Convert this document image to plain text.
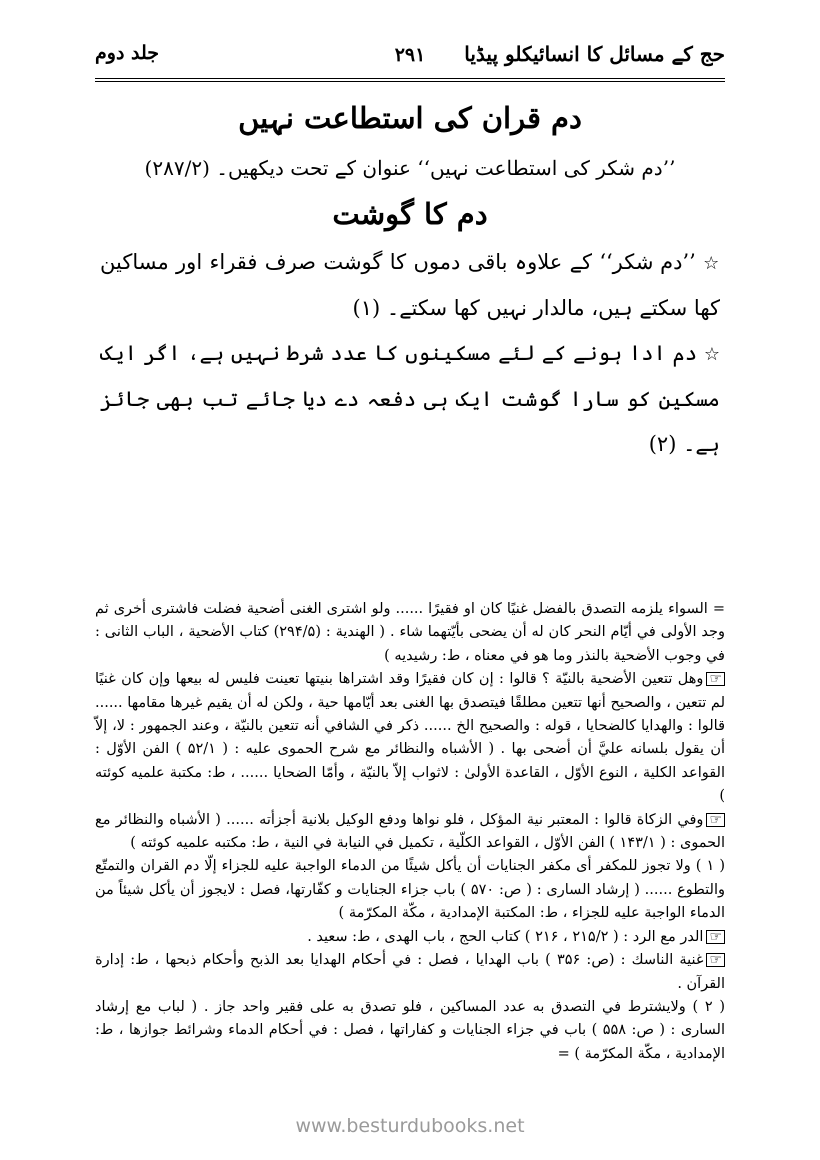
حج کے مسائل کا انسائیکلو پیڈیا
۲۹۱
جلد دوم
دم قران کی استطاعت نہیں
’’دم شکر کی استطاعت نہیں‘‘ عنوان کے تحت دیکھیں۔ (۲۸۷/۲)
دم کا گوشت
☆ ’’دم شکر‘‘ کے علاوہ باقی دموں کا گوشت صرف فقراء اور مساکین کھا سکتے ہیں، مالدار نہیں کھا سکتے۔ (۱)
☆ دم ادا ہونے کے لئے مسکینوں کا عدد شرط نہیں ہے، اگر ایک مسکین کو سارا گوشت ایک ہی دفعہ دے دیا جائے تب بھی جائز ہے۔ (۲)

= السواء يلزمه التصدق بالفضل غنيًا كان او فقيرًا ...... ولو اشترى الغنى أضحية فضلت فاشترى أخرى ثم وجد الأولى في أيّام النحر كان له أن يضحى بأيّتهما شاء . ( الهندية : (۲۹۴/۵) كتاب الأضحية ، الباب الثانى : في وجوب الأضحية بالنذر وما هو في معناه ، ط: رشيديه )

☞وهل تتعين الأضحية بالنيّة ؟ قالوا : إن كان فقيرًا وقد اشتراها بنيتها تعينت فليس له بيعها وإن كان غنيًا لم تتعين ، والصحيح أنها تتعين مطلقًا فيتصدق بها الغنى بعد أيّامها حية ، ولكن له أن يقيم غيرها مقامها ...... قالوا : والهدايا كالضحايا ، قوله : والصحيح الخ ...... ذكر في الشافي أنه تتعين بالنيّة ، وعند الجمهور : لا، إلاّ أن يقول بلسانه عليَّ أن أضحى بها . ( الأشباه والنظائر مع شرح الحموى عليه : ( ۵۲/۱ ) الفن الأوّل : القواعد الكلية ، النوع الأوّل ، القاعدة الأولىٰ : لاثواب إلاّ بالنيّة ، وأمّا الضحايا ...... ، ط: مكتبة علميه كوئته )

☞وفي الزكاة قالوا : المعتبر نية المؤكل ، فلو نواها ودفع الوكيل بلانية أجزأته ...... ( الأشباه والنظائر مع الحموى : ( ۱۴۳/۱ ) الفن الأوّل ، القواعد الكلّية ، تكميل في النيابة في النية ، ط: مكتبه علميه كوئته )

( ۱ ) ولا تجوز للمكفر أى مكفر الجنايات أن يأكل شيئًا من الدماء الواجبة عليه للجزاء إلّا دم القران والتمتّع والتطوع ...... ( إرشاد السارى : ( ص: ۵۷۰ ) باب جزاء الجنايات و كفّارتها، فصل : لايجوز أن يأكل شيئاً من الدماء الواجبة عليه للجزاء ، ط: المكتبة الإمدادية ، مكّة المكرّمة )

☞الدر مع الرد : ( ۲۱۵/۲ ، ۲۱۶ ) كتاب الحج ، باب الهدى ، ط: سعيد .

☞غنية الناسك : (ص: ۳۵۶ ) باب الهدايا ، فصل : في أحكام الهدايا بعد الذبح وأحكام ذبحها ، ط: إدارة القرآن .

( ۲ ) ولايشترط في التصدق به عدد المساكين ، فلو تصدق به على فقير واحد جاز . ( لباب مع إرشاد السارى : ( ص: ۵۵۸ ) باب في جزاء الجنايات و كفاراتها ، فصل : في أحكام الدماء وشرائط جوازها ، ط: الإمدادية ، مكّة المكرّمة ) =

www.besturdubooks.net
